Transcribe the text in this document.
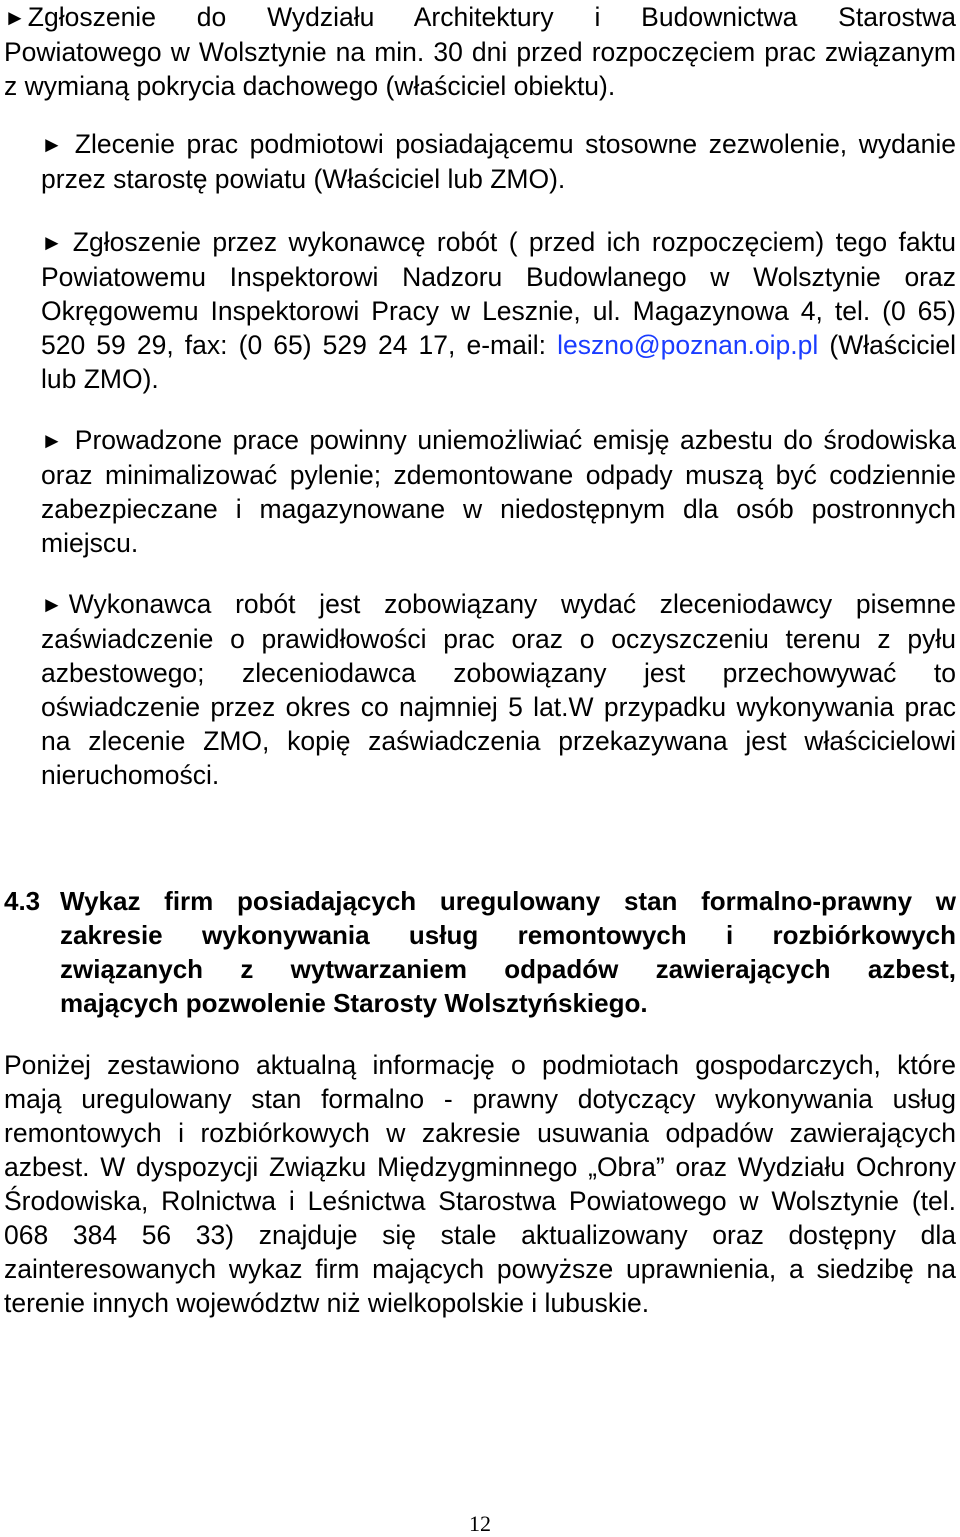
►Zgłoszenie do Wydziału Architektury i Budownictwa Starostwa
Powiatowego w Wolsztynie na min. 30 dni przed rozpoczęciem prac związanym z wymianą pokrycia dachowego (właściciel obiektu).
► Zlecenie prac podmiotowi posiadającemu stosowne zezwolenie, wydanie przez starostę powiatu (Właściciel lub ZMO).
► Zgłoszenie przez wykonawcę robót ( przed ich rozpoczęciem) tego faktu Powiatowemu Inspektorowi Nadzoru Budowlanego w Wolsztynie oraz Okręgowemu Inspektorowi Pracy w Lesznie, ul. Magazynowa 4, tel. (0 65) 520 59 29, fax: (0 65) 529 24 17, e-mail: leszno@poznan.oip.pl (Właściciel lub ZMO).
► Prowadzone prace powinny uniemożliwiać emisję azbestu do środowiska oraz minimalizować pylenie; zdemontowane odpady muszą być codziennie zabezpieczane i magazynowane w niedostępnym dla osób postronnych miejscu.
► Wykonawca robót jest zobowiązany wydać zleceniodawcy pisemne zaświadczenie o prawidłowości prac oraz o oczyszczeniu terenu z pyłu azbestowego; zleceniodawca zobowiązany jest przechowywać to oświadczenie przez okres co najmniej 5 lat.W przypadku wykonywania prac na zlecenie ZMO, kopię zaświadczenia przekazywana jest właścicielowi nieruchomości.
4.3 Wykaz firm posiadających uregulowany stan formalno-prawny w
zakresie wykonywania usług remontowych i rozbiórkowych
związanych z wytwarzaniem odpadów zawierających azbest,
mających pozwolenie Starosty Wolsztyńskiego.
Poniżej zestawiono aktualną informację o podmiotach gospodarczych, które mają uregulowany stan formalno - prawny dotyczący wykonywania usług remontowych i rozbiórkowych w zakresie usuwania odpadów zawierających azbest. W dyspozycji Związku Międzygminnego „Obra” oraz Wydziału Ochrony Środowiska, Rolnictwa i Leśnictwa Starostwa Powiatowego w Wolsztynie (tel. 068 384 56 33) znajduje się stale aktualizowany oraz dostępny dla zainteresowanych wykaz firm mających powyższe uprawnienia, a siedzibę na terenie innych województw niż wielkopolskie i lubuskie.
12
